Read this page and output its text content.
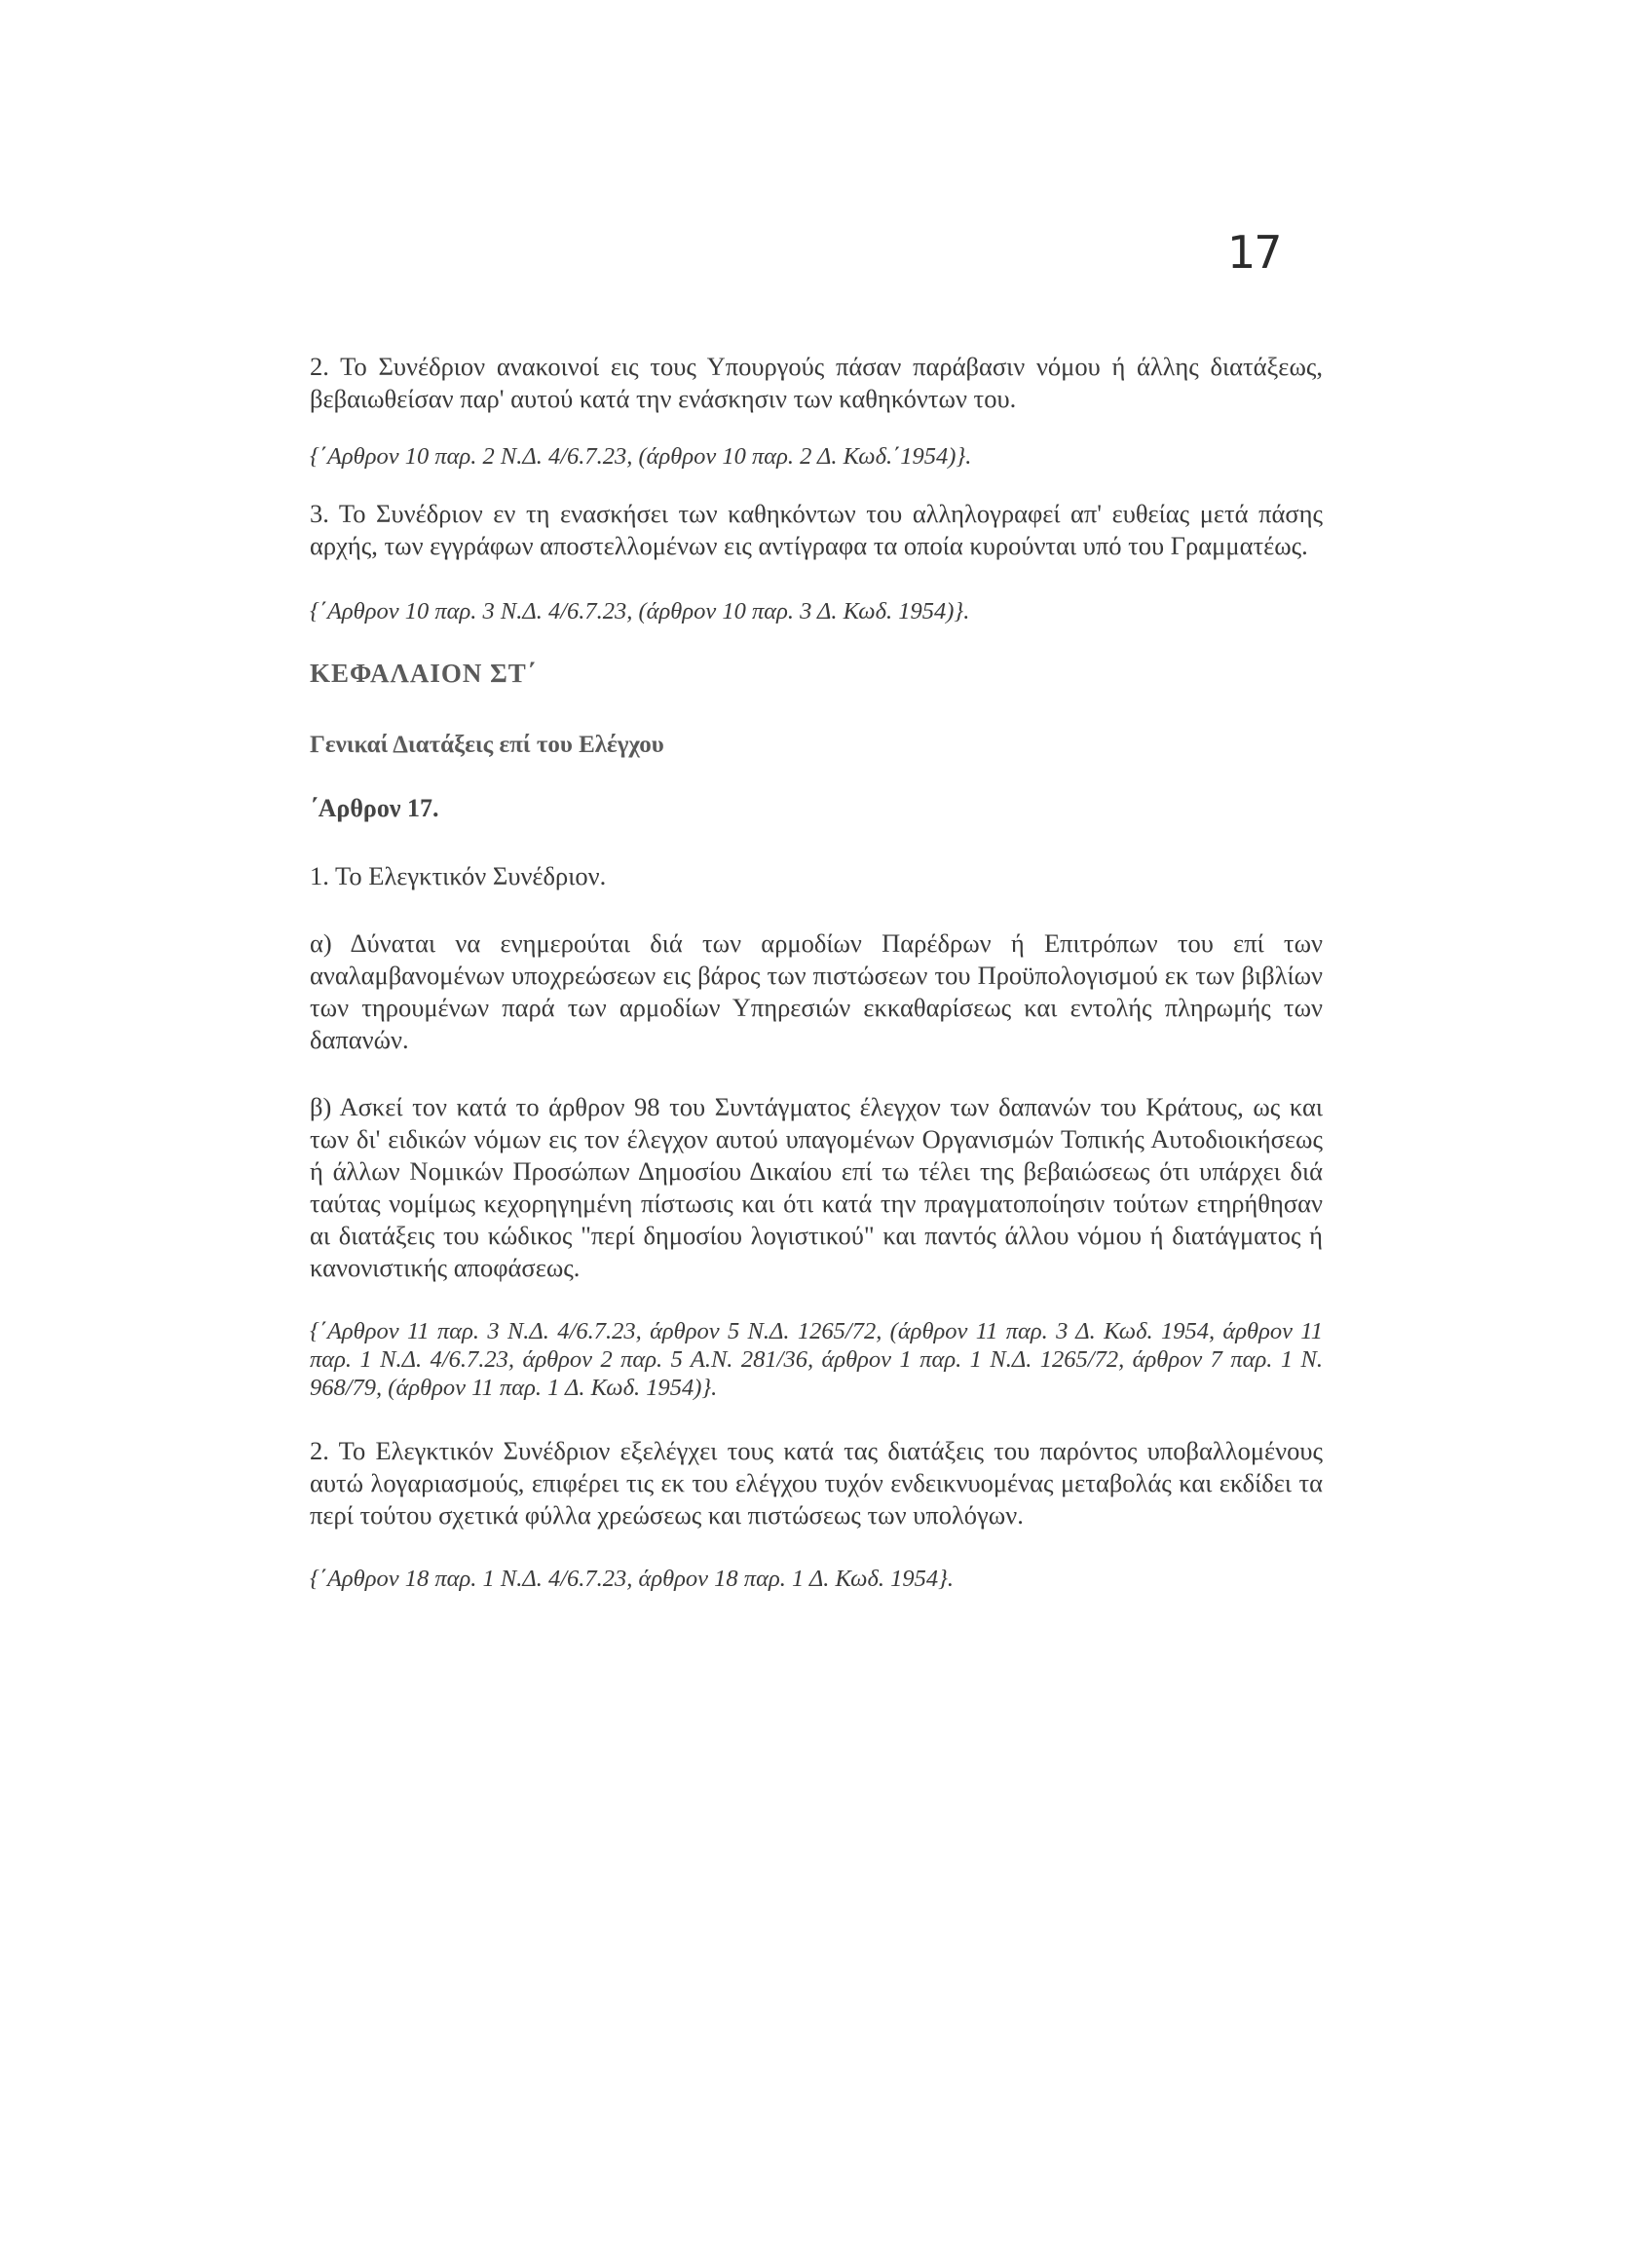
17

2. Το Συνέδριον ανακοινοί εις τους Υπουργούς πάσαν παράβασιν νόμου ή άλλης διατάξεως, βεβαιωθείσαν παρ' αυτού κατά την ενάσκησιν των καθηκόντων του.

{΄Αρθρον 10 παρ. 2 Ν.Δ. 4/6.7.23, (άρθρον 10 παρ. 2 Δ. Κωδ.΄1954)}.

3. Το Συνέδριον εν τη ενασκήσει των καθηκόντων του αλληλογραφεί απ' ευθείας μετά πάσης αρχής, των εγγράφων αποστελλομένων εις αντίγραφα τα οποία κυρούνται υπό του Γραμματέως.

{΄Αρθρον 10 παρ. 3 Ν.Δ. 4/6.7.23, (άρθρον 10 παρ. 3 Δ. Κωδ. 1954)}.

ΚΕΦΑΛΑΙΟΝ ΣΤ΄

Γενικαί Διατάξεις επί του Ελέγχου

΄Αρθρον 17.

1. Το Ελεγκτικόν Συνέδριον.

α) Δύναται να ενημερούται διά των αρμοδίων Παρέδρων ή Επιτρόπων του επί των αναλαμβανομένων υποχρεώσεων εις βάρος των πιστώσεων του Προϋπολογισμού εκ των βιβλίων των τηρουμένων παρά των αρμοδίων Υπηρεσιών εκκαθαρίσεως και εντολής πληρωμής των δαπανών.

β) Ασκεί τον κατά το άρθρον 98 του Συντάγματος έλεγχον των δαπανών του Κράτους, ως και των δι' ειδικών νόμων εις τον έλεγχον αυτού υπαγομένων Οργανισμών Τοπικής Αυτοδιοικήσεως ή άλλων Νομικών Προσώπων Δημοσίου Δικαίου επί τω τέλει της βεβαιώσεως ότι υπάρχει διά ταύτας νομίμως κεχορηγημένη πίστωσις και ότι κατά την πραγματοποίησιν τούτων ετηρήθησαν αι διατάξεις του κώδικος "περί δημοσίου λογιστικού" και παντός άλλου νόμου ή διατάγματος ή κανονιστικής αποφάσεως.

{΄Αρθρον 11 παρ. 3 Ν.Δ. 4/6.7.23, άρθρον 5 Ν.Δ. 1265/72, (άρθρον 11 παρ. 3 Δ. Κωδ. 1954, άρθρον 11 παρ. 1 Ν.Δ. 4/6.7.23, άρθρον 2 παρ. 5 Α.Ν. 281/36, άρθρον 1 παρ. 1 Ν.Δ. 1265/72, άρθρον 7 παρ. 1 Ν. 968/79, (άρθρον 11 παρ. 1 Δ. Κωδ. 1954)}.

2. Το Ελεγκτικόν Συνέδριον εξελέγχει τους κατά τας διατάξεις του παρόντος υποβαλλομένους αυτώ λογαριασμούς, επιφέρει τις εκ του ελέγχου τυχόν ενδεικνυομένας μεταβολάς και εκδίδει τα περί τούτου σχετικά φύλλα χρεώσεως και πιστώσεως των υπολόγων.

{΄Αρθρον 18 παρ. 1 Ν.Δ. 4/6.7.23, άρθρον 18 παρ. 1 Δ. Κωδ. 1954}.
